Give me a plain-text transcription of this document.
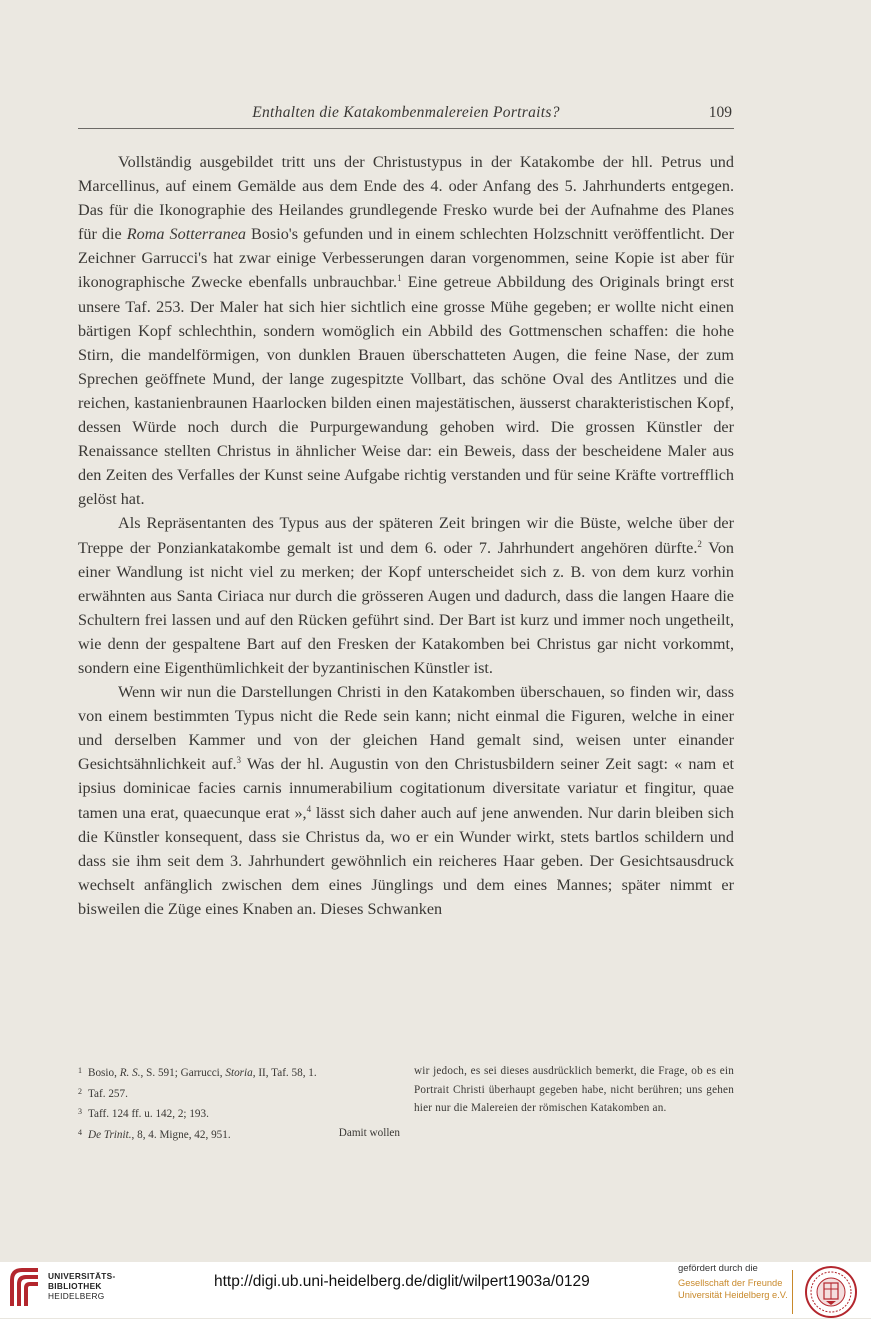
Enthalten die Katakombenmalereien Portraits?	109

Vollständig ausgebildet tritt uns der Christustypus in der Katakombe der hll. Petrus und Marcellinus, auf einem Gemälde aus dem Ende des 4. oder Anfang des 5. Jahrhunderts entgegen. Das für die Ikonographie des Heilandes grundlegende Fresko wurde bei der Aufnahme des Planes für die Roma Sotterranea Bosio's gefunden und in einem schlechten Holzschnitt veröffentlicht. Der Zeichner Garrucci's hat zwar einige Verbesserungen daran vorgenommen, seine Kopie ist aber für ikonographische Zwecke ebenfalls unbrauchbar.$^1$ Eine getreue Abbildung des Originals bringt erst unsere Taf. 253. Der Maler hat sich hier sichtlich eine grosse Mühe gegeben; er wollte nicht einen bärtigen Kopf schlechthin, sondern womöglich ein Abbild des Gottmenschen schaffen: die hohe Stirn, die mandelförmigen, von dunklen Brauen überschatteten Augen, die feine Nase, der zum Sprechen geöffnete Mund, der lange zugespitzte Vollbart, das schöne Oval des Antlitzes und die reichen, kastanienbraunen Haarlocken bilden einen majestätischen, äusserst charakteristischen Kopf, dessen Würde noch durch die Purpurgewandung gehoben wird. Die grossen Künstler der Renaissance stellten Christus in ähnlicher Weise dar: ein Beweis, dass der bescheidene Maler aus den Zeiten des Verfalles der Kunst seine Aufgabe richtig verstanden und für seine Kräfte vortrefflich gelöst hat.

Als Repräsentanten des Typus aus der späteren Zeit bringen wir die Büste, welche über der Treppe der Ponziankatakombe gemalt ist und dem 6. oder 7. Jahrhundert angehören dürfte.$^2$ Von einer Wandlung ist nicht viel zu merken; der Kopf unterscheidet sich z. B. von dem kurz vorhin erwähnten aus Santa Ciriaca nur durch die grösseren Augen und dadurch, dass die langen Haare die Schultern frei lassen und auf den Rücken geführt sind. Der Bart ist kurz und immer noch ungetheilt, wie denn der gespaltene Bart auf den Fresken der Katakomben bei Christus gar nicht vorkommt, sondern eine Eigenthümlichkeit der byzantinischen Künstler ist.

Wenn wir nun die Darstellungen Christi in den Katakomben überschauen, so finden wir, dass von einem bestimmten Typus nicht die Rede sein kann; nicht einmal die Figuren, welche in einer und derselben Kammer und von der gleichen Hand gemalt sind, weisen unter einander Gesichtsähnlichkeit auf.$^3$ Was der hl. Augustin von den Christusbildern seiner Zeit sagt: « nam et ipsius dominicae facies carnis innumerabilium cogitationum diversitate variatur et fingitur, quae tamen una erat, quaecunque erat »,$^4$ lässt sich daher auch auf jene anwenden. Nur darin bleiben sich die Künstler konsequent, dass sie Christus da, wo er ein Wunder wirkt, stets bartlos schildern und dass sie ihm seit dem 3. Jahrhundert gewöhnlich ein reicheres Haar geben. Der Gesichtsausdruck wechselt anfänglich zwischen dem eines Jünglings und dem eines Mannes; später nimmt er bisweilen die Züge eines Knaben an. Dieses Schwanken

1 Bosio, R. S., S. 591; Garrucci, Storia, II, Taf. 58, 1.
2 Taf. 257.
3 Taff. 124 ff. u. 142, 2; 193.
4 De Trinit., 8, 4. Migne, 42, 951.	Damit wollen
wir jedoch, es sei dieses ausdrücklich bemerkt, die Frage, ob es ein Portrait Christi überhaupt gegeben habe, nicht berühren; uns gehen hier nur die Malereien der römischen Katakomben an.
UNIVERSITÄTS-
BIBLIOTHEK
HEIDELBERG
http://digi.ub.uni-heidelberg.de/diglit/wilpert1903a/0129
gefördert durch die
Gesellschaft der Freunde
Universität Heidelberg e.V.
